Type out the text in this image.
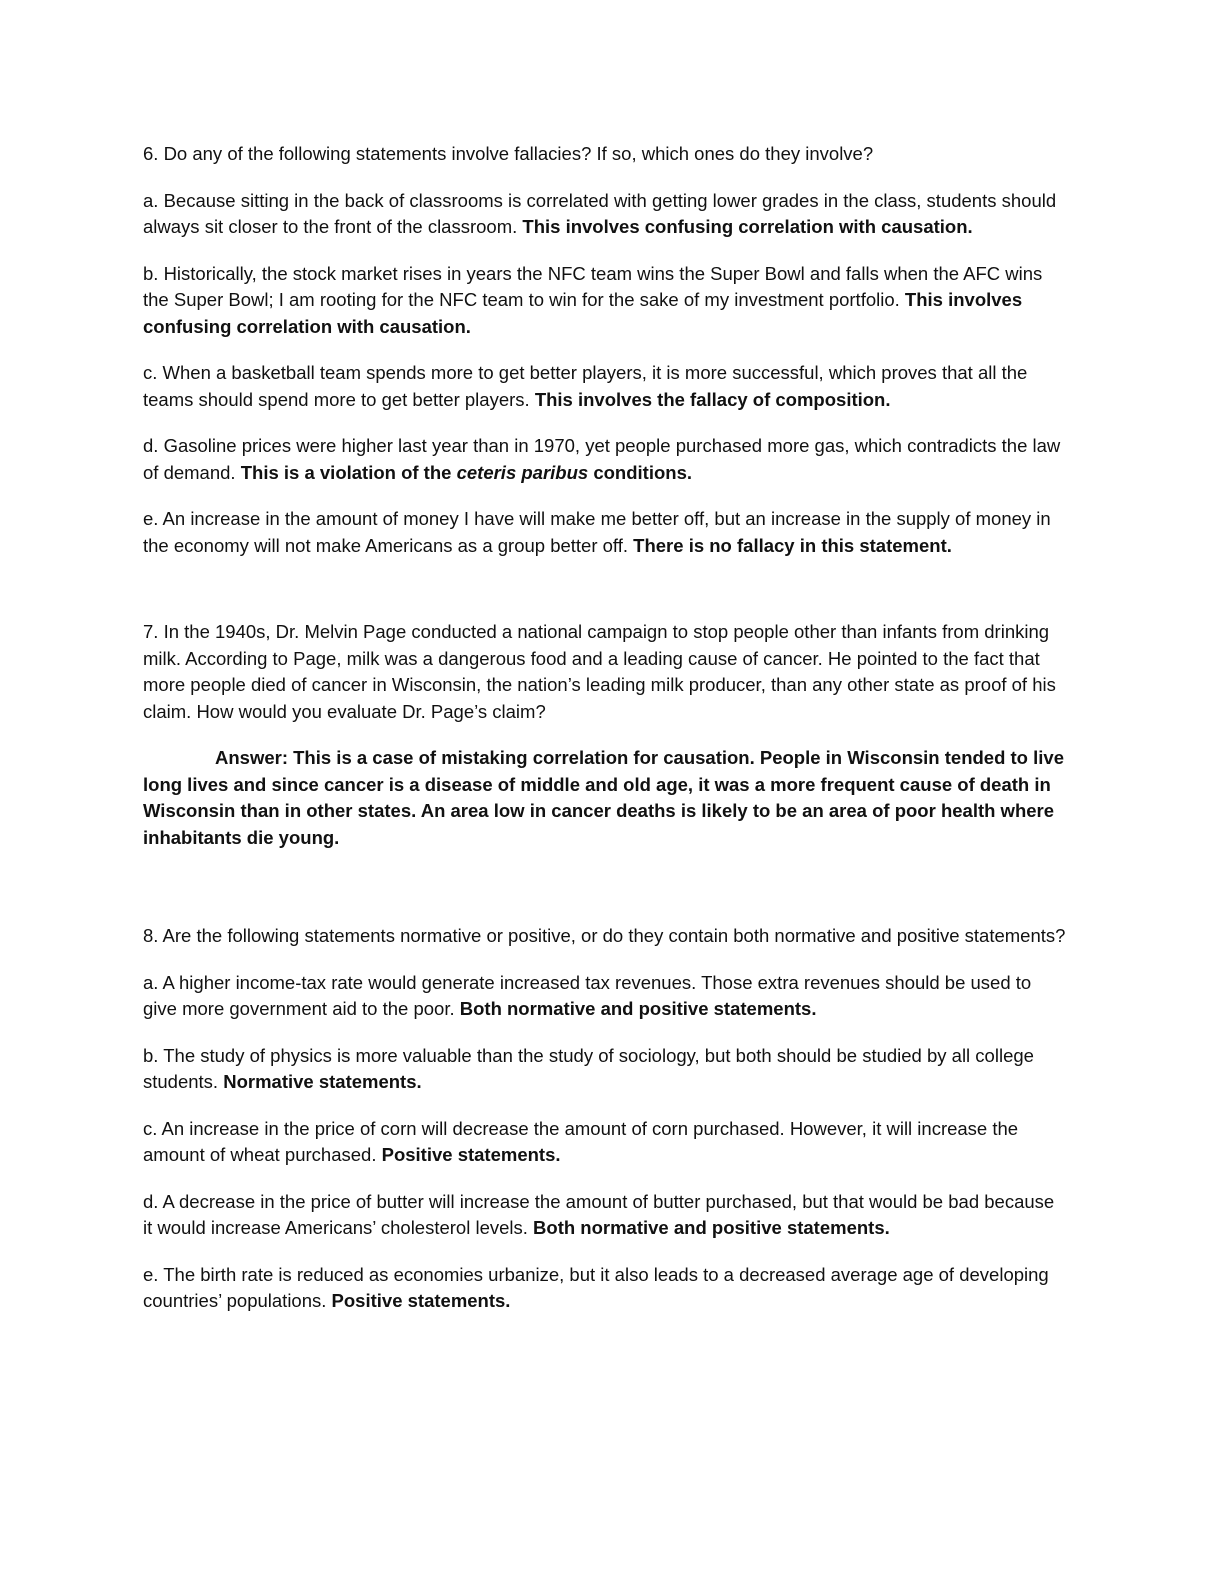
6. Do any of the following statements involve fallacies? If so, which ones do they involve?

a. Because sitting in the back of classrooms is correlated with getting lower grades in the class, students should always sit closer to the front of the classroom. This involves confusing correlation with causation.

b. Historically, the stock market rises in years the NFC team wins the Super Bowl and falls when the AFC wins the Super Bowl; I am rooting for the NFC team to win for the sake of my investment portfolio. This involves confusing correlation with causation.

c. When a basketball team spends more to get better players, it is more successful, which proves that all the teams should spend more to get better players. This involves the fallacy of composition.

d. Gasoline prices were higher last year than in 1970, yet people purchased more gas, which contradicts the law of demand. This is a violation of the ceteris paribus conditions.

e. An increase in the amount of money I have will make me better off, but an increase in the supply of money in the economy will not make Americans as a group better off. There is no fallacy in this statement.

7. In the 1940s, Dr. Melvin Page conducted a national campaign to stop people other than infants from drinking milk. According to Page, milk was a dangerous food and a leading cause of cancer. He pointed to the fact that more people died of cancer in Wisconsin, the nation’s leading milk producer, than any other state as proof of his claim. How would you evaluate Dr. Page’s claim?

Answer: This is a case of mistaking correlation for causation. People in Wisconsin tended to live long lives and since cancer is a disease of middle and old age, it was a more frequent cause of death in Wisconsin than in other states. An area low in cancer deaths is likely to be an area of poor health where inhabitants die young.

8. Are the following statements normative or positive, or do they contain both normative and positive statements?

a. A higher income-tax rate would generate increased tax revenues. Those extra revenues should be used to give more government aid to the poor. Both normative and positive statements.

b. The study of physics is more valuable than the study of sociology, but both should be studied by all college students. Normative statements.

c. An increase in the price of corn will decrease the amount of corn purchased. However, it will increase the amount of wheat purchased. Positive statements.

d. A decrease in the price of butter will increase the amount of butter purchased, but that would be bad because it would increase Americans’ cholesterol levels. Both normative and positive statements.

e. The birth rate is reduced as economies urbanize, but it also leads to a decreased average age of developing countries’ populations. Positive statements.
